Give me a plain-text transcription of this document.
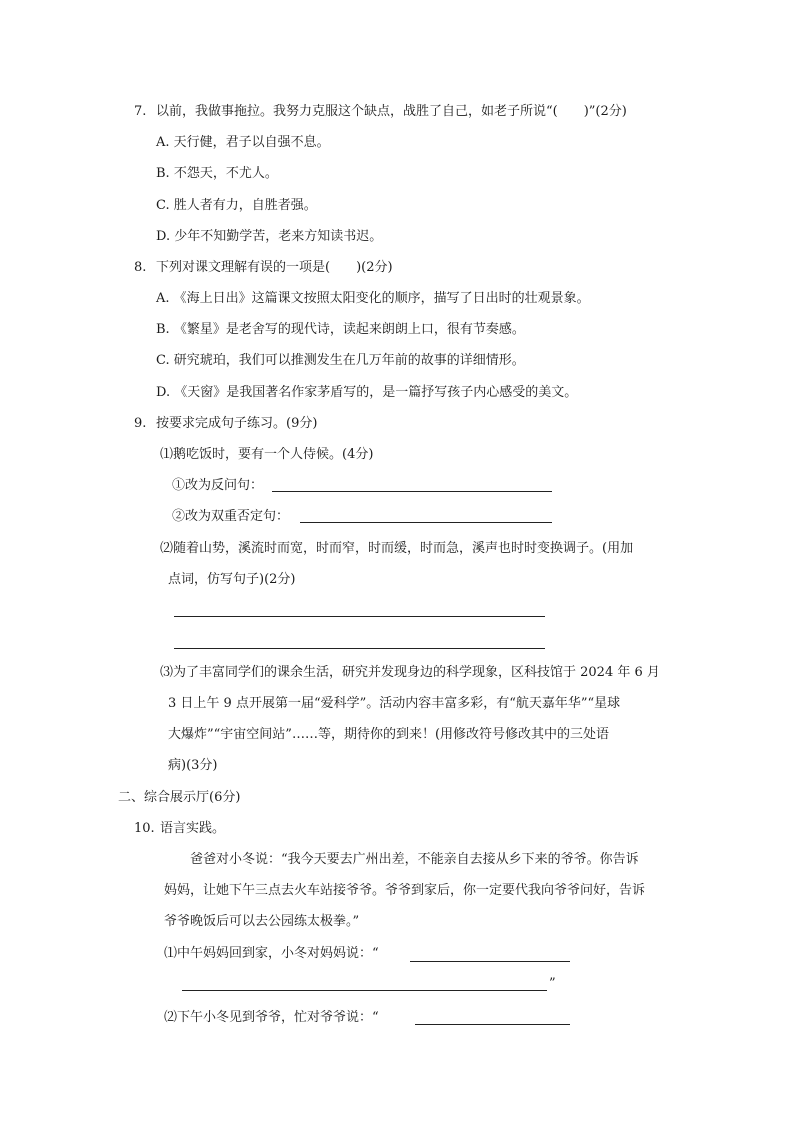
7. 以前，我做事拖拉。我努力克服这个缺点，战胜了自己，如老子所说“(　　)”(2分)
A. 天行健，君子以自强不息。
B. 不怨天，不尤人。
C. 胜人者有力，自胜者强。
D. 少年不知勤学苦，老来方知读书迟。
8. 下列对课文理解有误的一项是(　　)(2分)
A. 《海上日出》这篇课文按照太阳变化的顺序，描写了日出时的壮观景象。
B. 《繁星》是老舍写的现代诗，读起来朗朗上口，很有节奏感。
C. 研究琥珀，我们可以推测发生在几万年前的故事的详细情形。
D. 《天窗》是我国著名作家茅盾写的，是一篇抒写孩子内心感受的美文。
9. 按要求完成句子练习。(9分)
⑴鹅吃饭时，要有一个人侍候。(4分)
①改为反问句：
②改为双重否定句：
⑵随着山势，溪流时而宽，时而窄，时而缓，时而急，溪声也时时变换调子。(用加
点词，仿写句子)(2分)
⑶为了丰富同学们的课余生活，研究并发现身边的科学现象，区科技馆于 2024 年 6 月
3 日上午 9 点开展第一届“爱科学”。活动内容丰富多彩，有“航天嘉年华”“星球
大爆炸”“宇宙空间站”……等，期待你的到来！(用修改符号修改其中的三处语
病)(3分)
二、综合展示厅(6分)
10. 语言实践。
爸爸对小冬说：“我今天要去广州出差，不能亲自去接从乡下来的爷爷。你告诉
妈妈，让她下午三点去火车站接爷爷。爷爷到家后，你一定要代我向爷爷问好，告诉
爷爷晚饭后可以去公园练太极拳。”
⑴中午妈妈回到家，小冬对妈妈说：“
”
⑵下午小冬见到爷爷，忙对爷爷说：“
